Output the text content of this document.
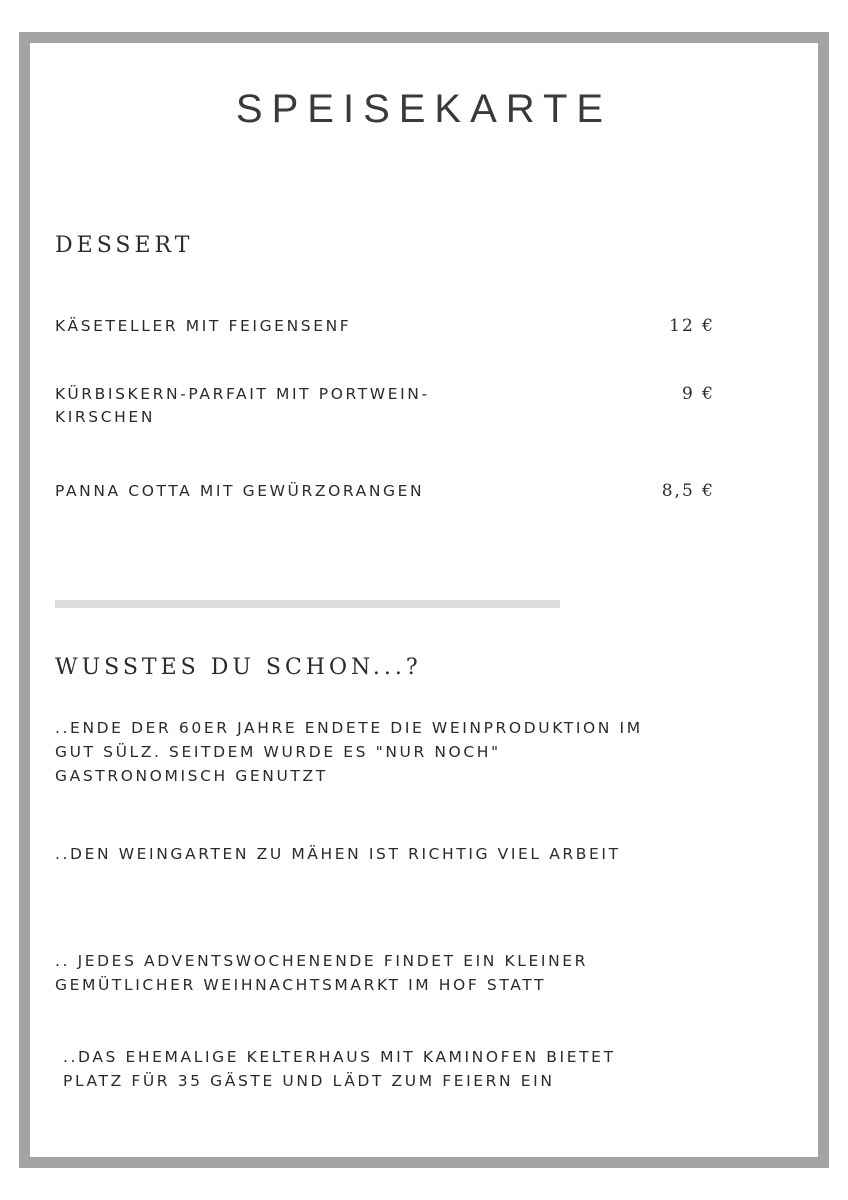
SPEISEKARTE
DESSERT
KÄSETELLER MIT FEIGENSENF	12 €
KÜRBISKERN-PARFAIT MIT PORTWEIN-KIRSCHEN
9 €
PANNA COTTA MIT GEWÜRZORANGEN	8,5 €
WUSSTES DU SCHON...?
..ENDE DER 60ER JAHRE ENDETE DIE WEINPRODUKTION IM GUT SÜLZ. SEITDEM WURDE ES "NUR NOCH" GASTRONOMISCH GENUTZT
..DEN WEINGARTEN ZU MÄHEN IST RICHTIG VIEL ARBEIT
.. JEDES ADVENTSWOCHENENDE FINDET EIN KLEINER GEMÜTLICHER WEIHNACHTSMARKT IM HOF STATT
..DAS EHEMALIGE KELTERHAUS MIT KAMINOFEN BIETET PLATZ FÜR 35 GÄSTE UND LÄDT ZUM FEIERN EIN
